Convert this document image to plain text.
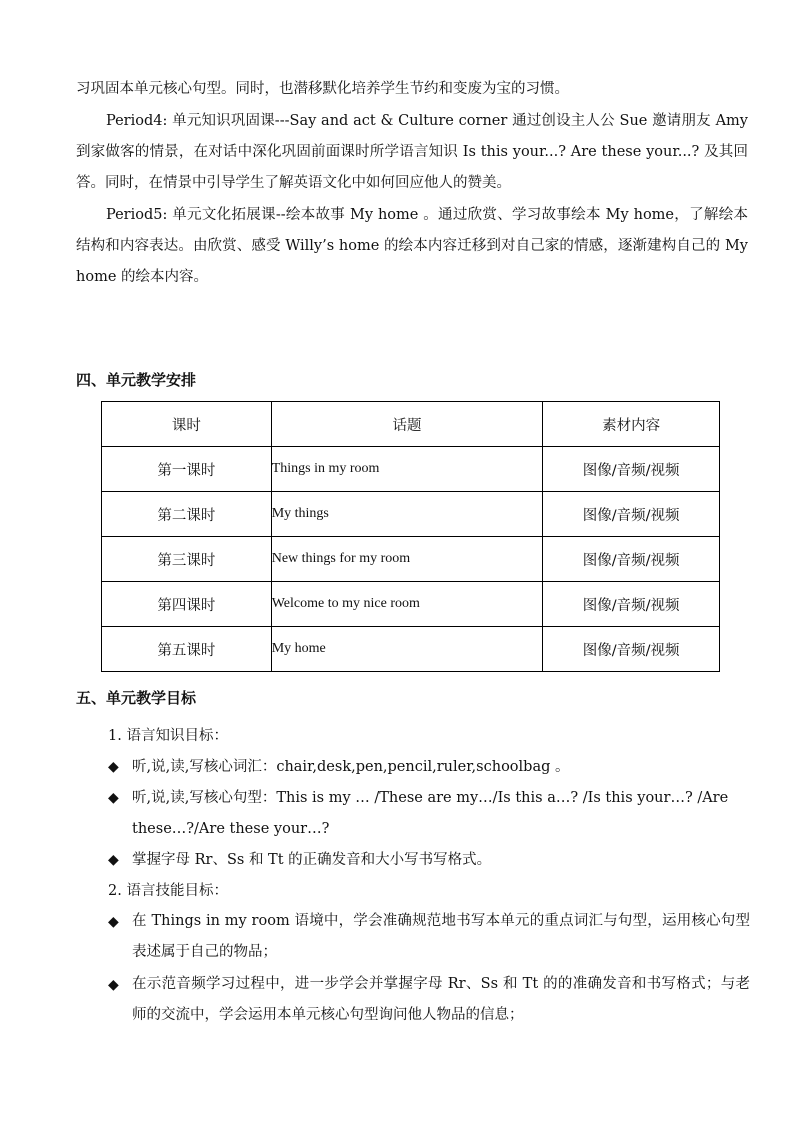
习巩固本单元核心句型。同时，也潜移默化培养学生节约和变废为宝的习惯。
Period4: 单元知识巩固课---Say and act & Culture corner 通过创设主人公 Sue 邀请朋友 Amy 到家做客的情景，在对话中深化巩固前面课时所学语言知识 Is this your...? Are these your...? 及其回答。同时，在情景中引导学生了解英语文化中如何回应他人的赞美。
Period5: 单元文化拓展课--绘本故事 My home 。通过欣赏、学习故事绘本 My home，了解绘本结构和内容表达。由欣赏、感受 Willy’s home 的绘本内容迁移到对自己家的情感，逐渐建构自己的 My home 的绘本内容。
四、单元教学安排
课时	话题	素材内容
第一课时	Things in my room	图像/音频/视频
第二课时	My things	图像/音频/视频
第三课时	New things for my room	图像/音频/视频
第四课时	Welcome to my nice room	图像/音频/视频
第五课时	My home	图像/音频/视频
五、单元教学目标
1. 语言知识目标：
◆ 听,说,读,写核心词汇：chair,desk,pen,pencil,ruler,schoolbag 。
◆ 听,说,读,写核心句型：This is my … /These are my…/Is this a…? /Is this your…? /Are
these…?/Are these your…?
◆ 掌握字母 Rr、Ss 和 Tt 的正确发音和大小写书写格式。
2. 语言技能目标：
◆ 在 Things in my room 语境中，学会准确规范地书写本单元的重点词汇与句型，运用核心句型表述属于自己的物品；
◆ 在示范音频学习过程中，进一步学会并掌握字母 Rr、Ss 和 Tt 的的准确发音和书写格式；与老师的交流中，学会运用本单元核心句型询问他人物品的信息；
